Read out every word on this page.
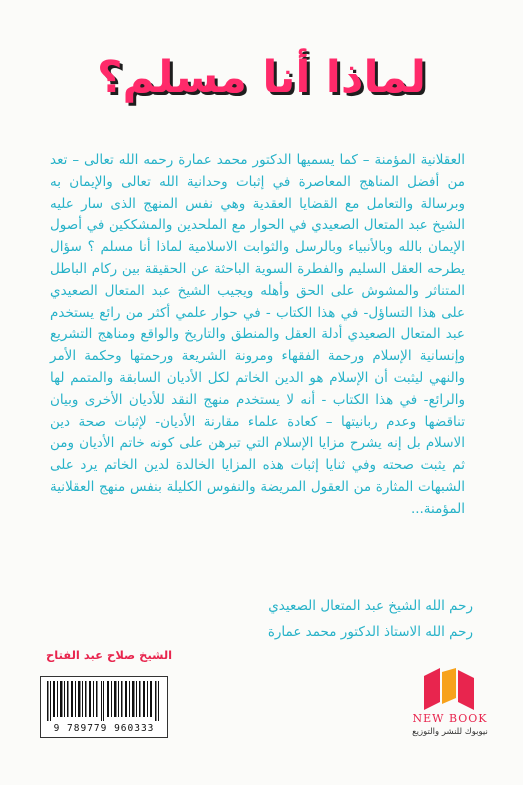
لماذا أنا مسلم؟

العقلانية المؤمنة – كما يسميها الدكتور محمد عمارة رحمه الله تعالى – تعد من أفضل المناهج المعاصرة في إثبات وحدانية الله تعالى والإيمان به وبرسالة والتعامل مع القضايا العقدية وهي نفس المنهج الذى سار عليه الشيخ عبد المتعال الصعيدي في الحوار مع الملحدين والمشككين في أصول الإيمان بالله وبالأنبياء وبالرسل والثوابت الاسلامية لماذا أنا مسلم ؟ سؤال يطرحه العقل السليم والفطرة السوية الباحثة عن الحقيقة بين ركام الباطل المتناثر والمشوش على الحق وأهله ويجيب الشيخ عبد المتعال الصعيدي على هذا التساؤل- في هذا الكتاب - في حوار علمي أكثر من رائع يستخدم عبد المتعال الصعيدي أدلة العقل والمنطق والتاريخ والواقع ومناهج التشريع وإنسانية الإسلام ورحمة الفقهاء ومرونة الشريعة ورحمتها وحكمة الأمر والنهي ليثبت أن الإسلام هو الدين الخاتم لكل الأديان السابقة والمتمم لها والرائع- في هذا الكتاب - أنه لا يستخدم منهج النقد للأديان الأخرى وبيان تناقضها وعدم ربانيتها – كعادة علماء مقارنة الأديان- لإثبات صحة دين الاسلام بل إنه يشرح مزايا الإسلام التي تبرهن على كونه خاتم الأديان ومن ثم يثبت صحته وفي ثنايا إثبات هذه المزايا الخالدة لدين الخاتم يرد على الشبهات المثارة من العقول المريضة والنفوس الكليلة بنفس منهج العقلانية المؤمنة...

رحم الله الشيخ عبد المتعال الصعيدي
رحم الله الاستاذ الدكتور محمد عمارة
الشيخ صلاح عبد الفتاح
9 789779 960333
NEW BOOK
نيوبوك للنشر والتوزيع
